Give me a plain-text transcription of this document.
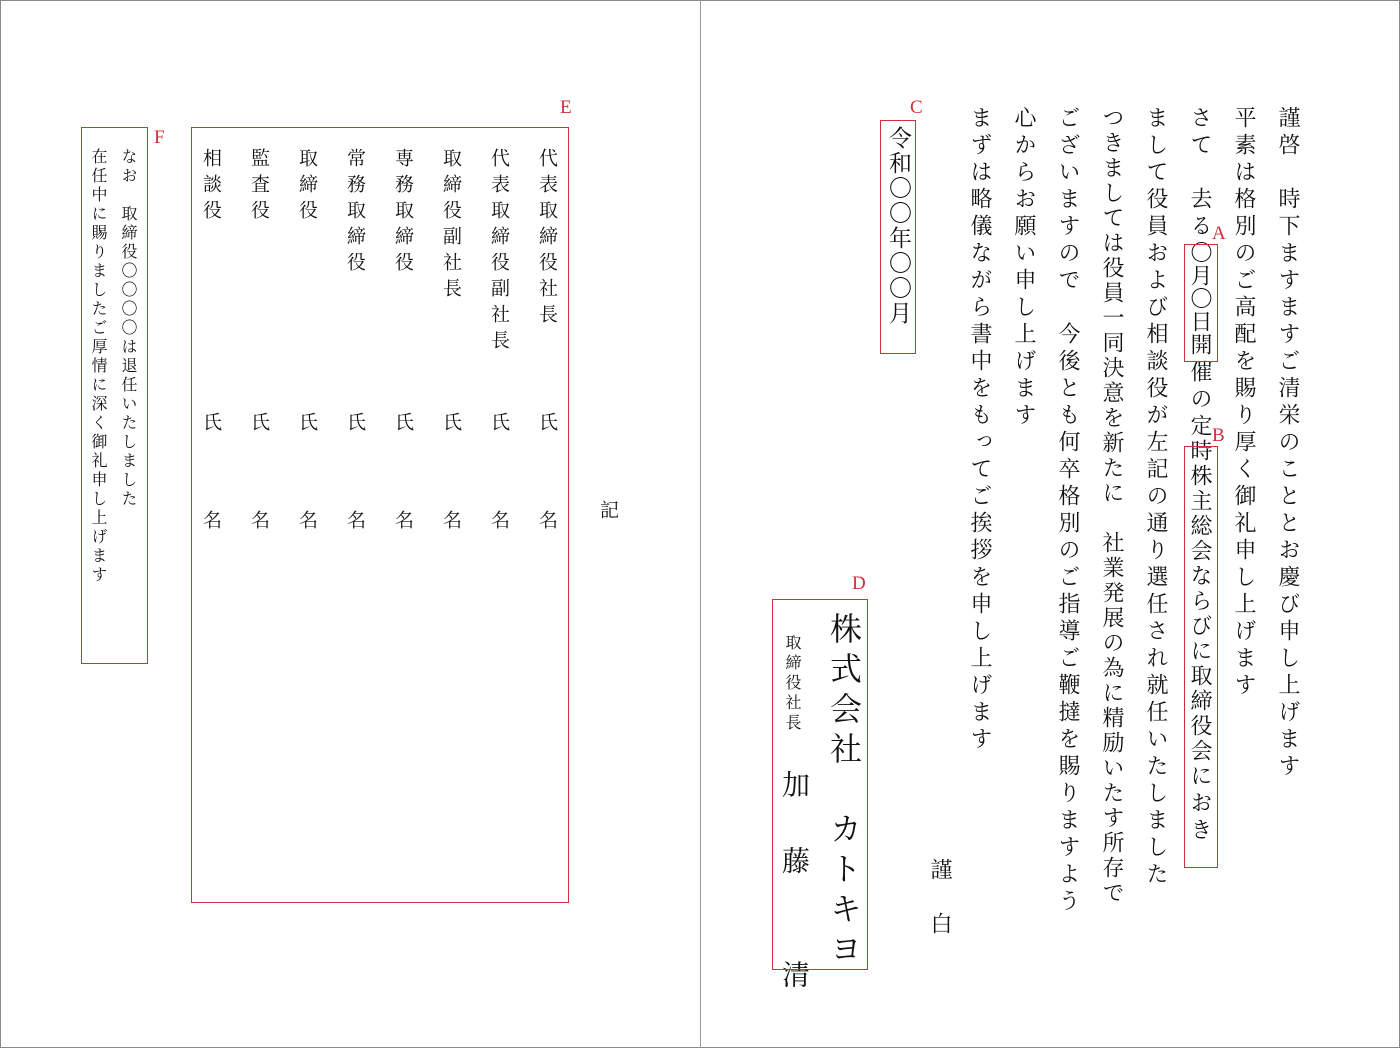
謹啓　時下ますますご清栄のこととお慶び申し上げます
平素は格別のご高配を賜り厚く御礼申し上げます
さて　去る〇月〇日開催の定時株主総会ならびに取締役会におき
まして役員および相談役が左記の通り選任され就任いたしました
つきましては役員一同決意を新たに　社業発展の為に精励いたす所存で
ございますので　今後とも何卒格別のご指導ご鞭撻を賜りますよう
心からお願い申し上げます
まずは略儀ながら書中をもってご挨拶を申し上げます
謹　白
A
B
令和〇〇年〇〇月
C
株式会社　カトキヨ
取締役社長
加　藤　　清
D
記
E
代表取締役社長
氏　名
代表取締役副社長
氏　名
取締役副社長
氏　名
専務取締役
氏　名
常務取締役
氏　名
取締役
氏　名
監査役
氏　名
相談役
氏　名
F
なお　取締役〇〇〇〇は退任いたしました
在任中に賜りましたご厚情に深く御礼申し上げます
